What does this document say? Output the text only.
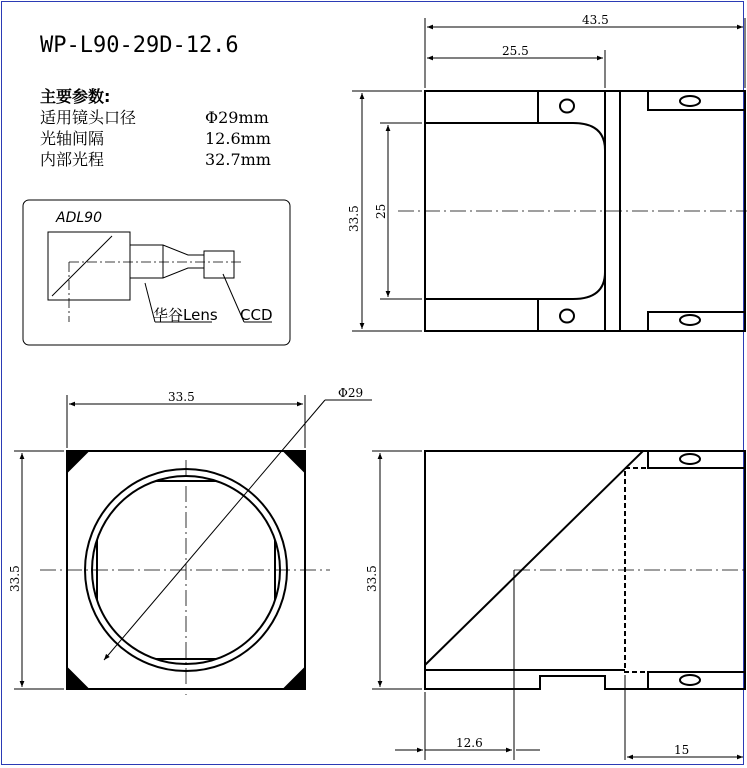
WP-L90-29D-12.6
主要参数:
适用镜头口径	Φ29mm
光轴间隔	12.6mm
内部光程	32.7mm
ADL90
华谷Lens CCD
43.5
25.5
33.5 25
Φ29
33.5
33.5	33.5
12.6	15
